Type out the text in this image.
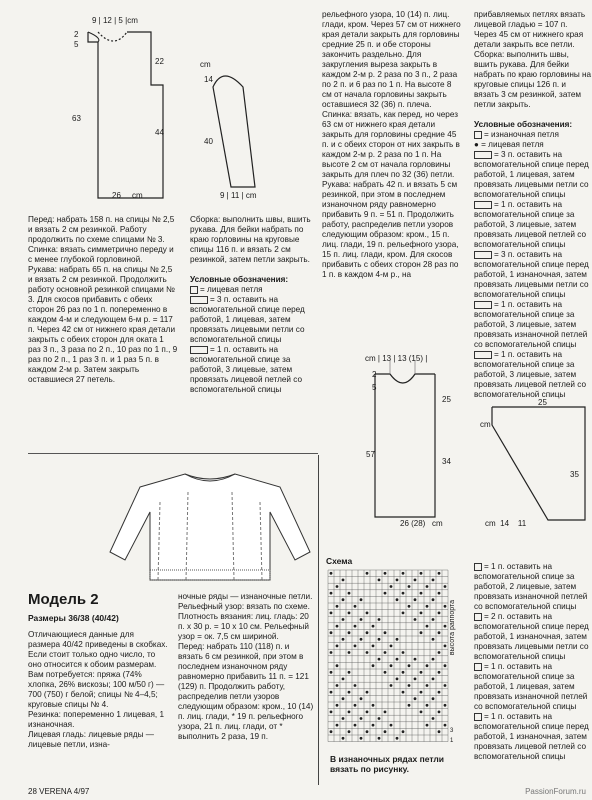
9 | 12 | 5 |cm
2
5
63
22
44
26 cm
cm
14
40
9 | 11 | cm

Перед: набрать 158 п. на спицы № 2,5 и вязать 2 см резинкой. Работу продолжить по схеме спицами № 3.

Спинка: вязать симметрично переду и с менее глубокой горловиной.

Рукава: набрать 65 п. на спицы № 2,5 и вязать 2 см резинкой. Продолжить работу основной резинкой спицами № 3. Для скосов прибавить с обеих сторон 26 раз по 1 п. попеременно в каждом 4-м и следующем 6-м р. = 117 п. Через 42 см от нижнего края детали закрыть с обеих сторон для оката 1 раз 3 п., 3 раза по 2 п., 10 раз по 1 п., 9 раз по 2 п., 1 раз 3 п. и 1 раз 5 п. в каждом 2-м р. Затем закрыть оставшиеся 27 петель.

Сборка: выполнить швы, вшить рукава. Для бейки набрать по краю горловины на круговые спицы 116 п. и вязать 2 см резинкой, затем петли закрыть.

Условные обозначения:

= лицевая петля

= 3 п. оставить на вспомогательной спице перед работой, 1 лицевая, затем провязать лицевыми петли со вспомогательной спицы

= 1 п. оставить на вспомогательной спице за работой, 3 лицевые, затем провязать лицевой петлей со вспомогательной спицы

рельефного узора, 10 (14) п. лиц. глади, кром. Через 57 см от нижнего края детали закрыть для горловины средние 25 п. и обе стороны закончить раздельно. Для закругления выреза закрыть в каждом 2-м р. 2 раза по 3 п., 2 раза по 2 п. и 6 раз по 1 п. На высоте 8 см от начала горловины закрыть оставшиеся 32 (36) п. плеча.

Спинка: вязать, как перед, но через 63 см от нижнего края детали закрыть для горловины средние 45 п. и с обеих сторон от них закрыть в каждом 2-м р. 2 раза по 1 п. На высоте 2 см от начала горловины закрыть для плеч по 32 (36) петли.

Рукава: набрать 42 п. и вязать 5 см резинкой, при этом в последнем изнаночном ряду равномерно прибавить 9 п. = 51 п. Продолжить работу, распределив петли узоров следующим образом: кром., 15 п. лиц. глади, 19 п. рельефного узора, 15 п. лиц. глади, кром. Для скосов прибавить с обеих сторон 28 раз по 1 п. в каждом 4-м р., на

прибавляемых петлях вязать лицевой гладью = 107 п. Через 45 см от нижнего края детали закрыть все петли.

Сборка: выполнить швы, вшить рукава. Для бейки набрать по краю горловины на круговые спицы 126 п. и вязать 3 см резинкой, затем петли закрыть.

Условные обозначения:

= изнаночная петля

● = лицевая петля

= 3 п. оставить на вспомогательной спице перед работой, 1 лицевая, затем провязать лицевыми петли со вспомогательной спицы

= 1 п. оставить на вспомогательной спице за работой, 3 лицевые, затем провязать лицевой петлей со вспомогательной спицы

= 3 п. оставить на вспомогательной спице перед работой, 1 изнаночная, затем провязать лицевыми петли со вспомогательной спицы

= 1 п. оставить на вспомогательной спице за работой, 3 лицевые, затем провязать изнаночной петлей со вспомогательной спицы

= 1 п. оставить на вспомогательной спице за работой, 3 лицевые, затем провязать лицевой петлей со вспомогательной спицы

cm | 13 | 13 (15) |
2
5
57
25
34
26 (28) cm
25
cm
35
cm 14 11
Модель 2
Размеры 36/38 (40/42)

Отличающиеся данные для размера 40/42 приведены в скобках. Если стоит только одно число, то оно относится к обоим размерам.

Вам потребуется: пряжа (74% хлопка, 26% вискозы; 100 м/50 г) — 700 (750) г белой; спицы № 4–4,5; круговые спицы № 4.

Резинка: попеременно 1 лицевая, 1 изнаночная.

Лицевая гладь: лицевые ряды — лицевые петли, изна-

ночные ряды — изнаночные петли.

Рельефный узор: вязать по схеме.

Плотность вязания: лиц. гладь: 20 п. х 30 р. = 10 х 10 см. Рельефный узор = ок. 7,5 см шириной.

Перед: набрать 110 (118) п. и вязать 6 см резинкой, при этом в последнем изнаночном ряду равномерно прибавить 11 п. = 121 (129) п. Продолжить работу, распределив петли узоров следующим образом: кром., 10 (14) п. лиц. глади, * 19 п. рельефного узора, 21 п. лиц. глади, от * выполнить 2 раза, 19 п.

Схема
высота раппорта
3
1
В изнаночных рядах петли вязать по рисунку.

= 1 п. оставить на вспомогательной спице за работой, 2 лицевые, затем провязать изнаночной петлей со вспомогательной спицы

= 2 п. оставить на вспомогательной спице перед работой, 1 изнаночная, затем провязать лицевыми петли со вспомогательной спицы

= 1 п. оставить на вспомогательной спице за работой, 1 лицевая, затем провязать изнаночной петлей со вспомогательной спицы

= 1 п. оставить на вспомогательной спице перед работой, 1 изнаночная, затем провязать лицевой петлей со вспомогательной спицы

28 VERENA 4/97	PassionForum.ru
